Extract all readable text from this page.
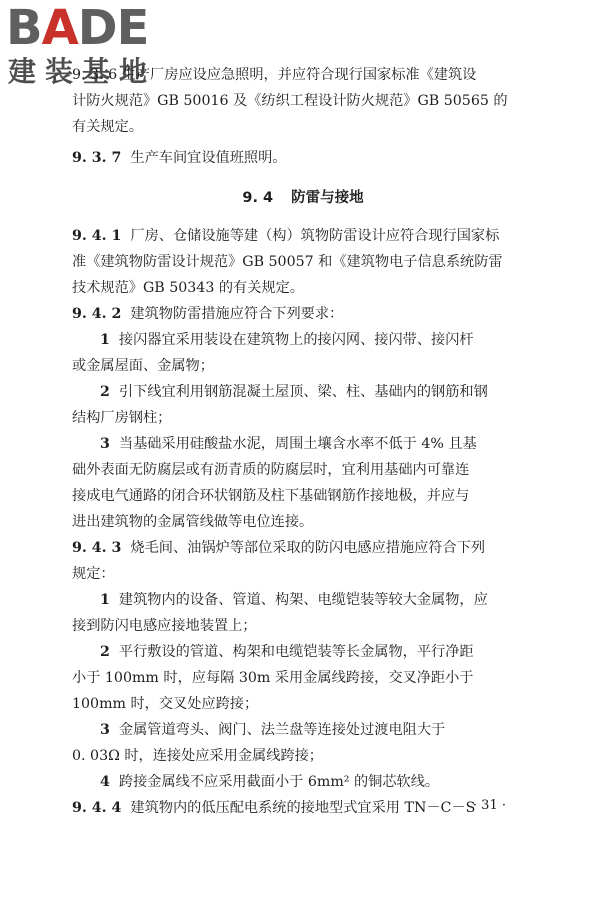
BADE
建装基地

9. 3. 6 生产厂房应设应急照明，并应符合现行国家标准《建筑设

计防火规范》GB 50016 及《纺织工程设计防火规范》GB 50565 的

有关规定。

9. 3. 7 生产车间宜设值班照明。

9. 4 防雷与接地

9. 4. 1 厂房、仓储设施等建（构）筑物防雷设计应符合现行国家标

准《建筑物防雷设计规范》GB 50057 和《建筑物电子信息系统防雷

技术规范》GB 50343 的有关规定。

9. 4. 2 建筑物防雷措施应符合下列要求：

1 接闪器宜采用装设在建筑物上的接闪网、接闪带、接闪杆

或金属屋面、金属物；

2 引下线宜利用钢筋混凝土屋顶、梁、柱、基础内的钢筋和钢

结构厂房钢柱；

3 当基础采用硅酸盐水泥，周围土壤含水率不低于 4% 且基

础外表面无防腐层或有沥青质的防腐层时，宜利用基础内可靠连

接成电气通路的闭合环状钢筋及柱下基础钢筋作接地极，并应与

进出建筑物的金属管线做等电位连接。

9. 4. 3 烧毛间、油锅炉等部位采取的防闪电感应措施应符合下列

规定：

1 建筑物内的设备、管道、构架、电缆铠装等较大金属物，应

接到防闪电感应接地装置上；

2 平行敷设的管道、构架和电缆铠装等长金属物，平行净距

小于 100mm 时，应每隔 30m 采用金属线跨接，交叉净距小于

100mm 时，交叉处应跨接；

3 金属管道弯头、阀门、法兰盘等连接处过渡电阻大于

0. 03Ω 时，连接处应采用金属线跨接；

4 跨接金属线不应采用截面小于 6mm² 的铜芯软线。

9. 4. 4 建筑物内的低压配电系统的接地型式宜采用 TN－C－S

· 31 ·
